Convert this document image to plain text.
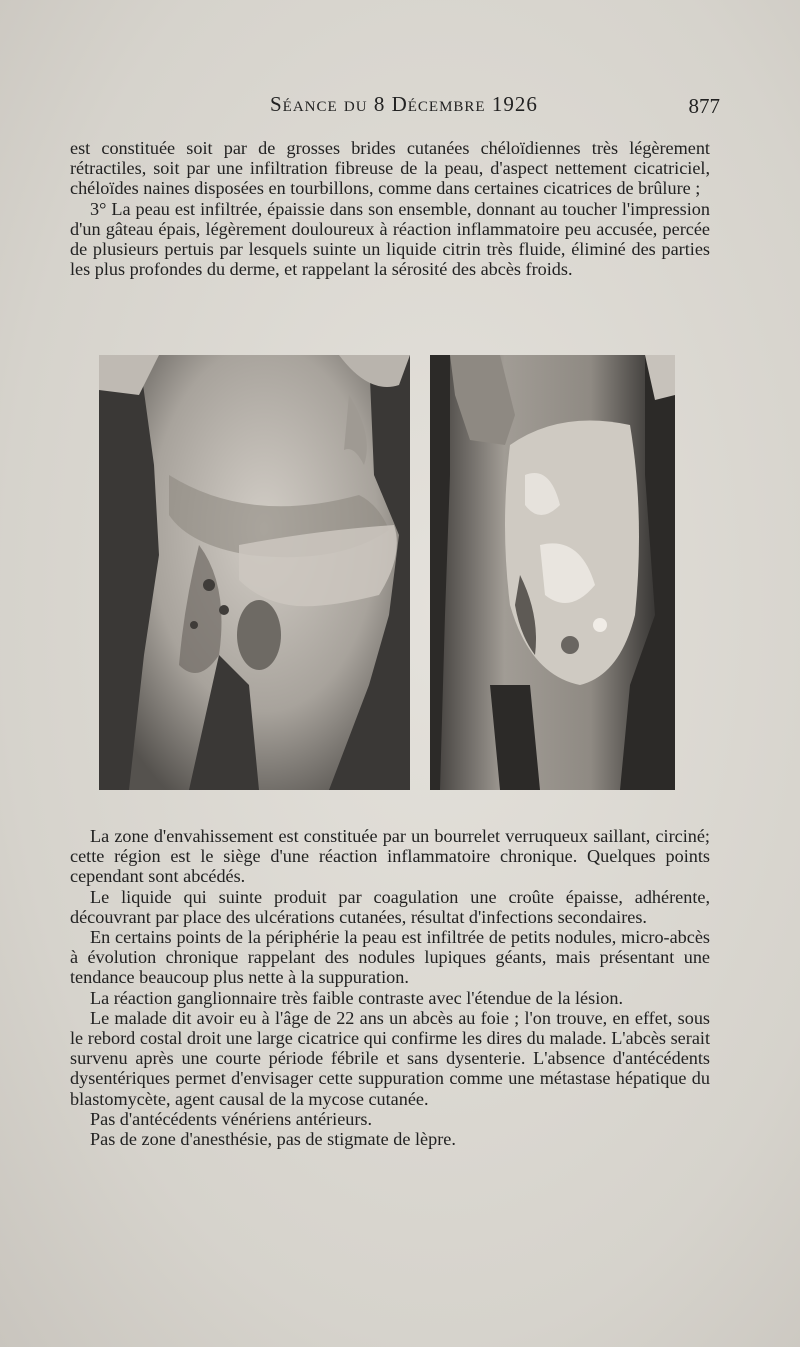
Séance du 8 Décembre 1926	877

est constituée soit par de grosses brides cutanées chéloïdiennes très légèrement rétractiles, soit par une infiltration fibreuse de la peau, d'aspect nettement cicatriciel, chéloïdes naines disposées en tourbillons, comme dans certaines cicatrices de brûlure ;

3° La peau est infiltrée, épaissie dans son ensemble, donnant au toucher l'impression d'un gâteau épais, légèrement douloureux à réaction inflammatoire peu accusée, percée de plusieurs pertuis par lesquels suinte un liquide citrin très fluide, éliminé des parties les plus profondes du derme, et rappelant la sérosité des abcès froids.

La zone d'envahissement est constituée par un bourrelet verruqueux saillant, circiné; cette région est le siège d'une réaction inflammatoire chronique. Quelques points cependant sont abcédés.

Le liquide qui suinte produit par coagulation une croûte épaisse, adhérente, découvrant par place des ulcérations cutanées, résultat d'infections secondaires.

En certains points de la périphérie la peau est infiltrée de petits nodules, micro-abcès à évolution chronique rappelant des nodules lupiques géants, mais présentant une tendance beaucoup plus nette à la suppuration.

La réaction ganglionnaire très faible contraste avec l'étendue de la lésion.

Le malade dit avoir eu à l'âge de 22 ans un abcès au foie ; l'on trouve, en effet, sous le rebord costal droit une large cicatrice qui confirme les dires du malade. L'abcès serait survenu après une courte période fébrile et sans dysenterie. L'absence d'antécédents dysentériques permet d'envisager cette suppuration comme une métastase hépatique du blastomycète, agent causal de la mycose cutanée.

Pas d'antécédents vénériens antérieurs.

Pas de zone d'anesthésie, pas de stigmate de lèpre.
